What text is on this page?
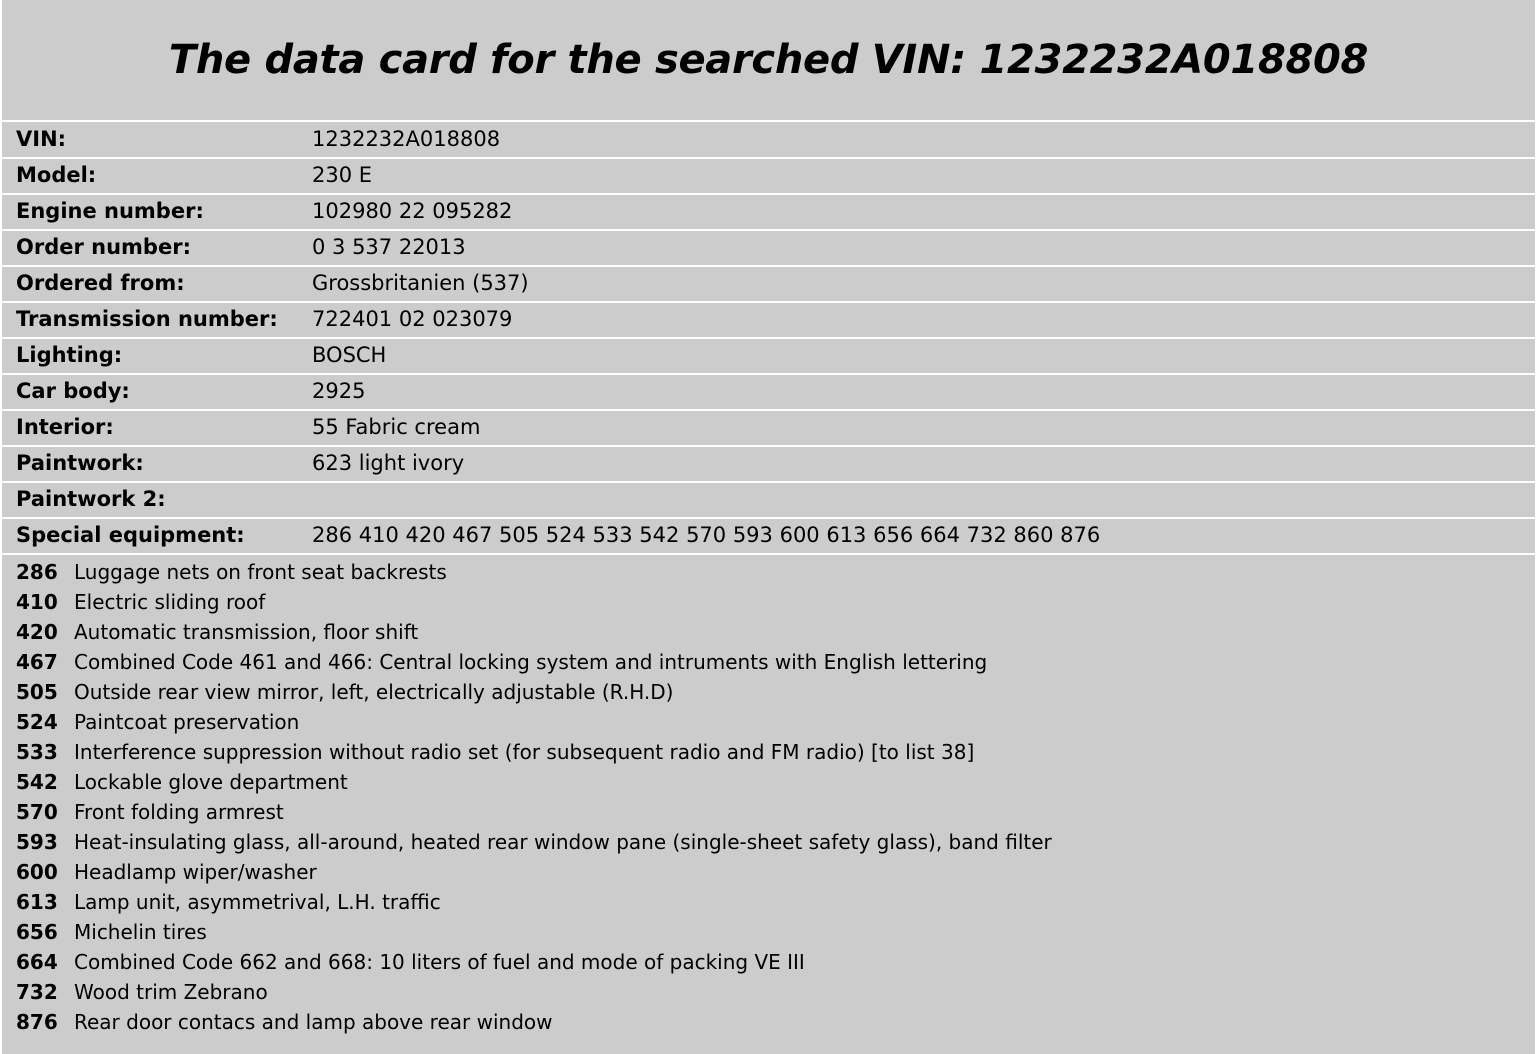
The data card for the searched VIN: 1232232A018808
VIN:	1232232A018808
Model:	230 E
Engine number:	102980 22 095282
Order number:	0 3 537 22013
Ordered from:	Grossbritanien (537)
Transmission number:	722401 02 023079
Lighting:	BOSCH
Car body:	2925
Interior:	55 Fabric cream
Paintwork:	623 light ivory
Paintwork 2:	
Special equipment:	286 410 420 467 505 524 533 542 570 593 600 613 656 664 732 860 876
286 Luggage nets on front seat backrests
410 Electric sliding roof
420 Automatic transmission, floor shift
467 Combined Code 461 and 466: Central locking system and intruments with English lettering
505 Outside rear view mirror, left, electrically adjustable (R.H.D)
524 Paintcoat preservation
533 Interference suppression without radio set (for subsequent radio and FM radio) [to list 38]
542 Lockable glove department
570 Front folding armrest
593 Heat-insulating glass, all-around, heated rear window pane (single-sheet safety glass), band filter
600 Headlamp wiper/washer
613 Lamp unit, asymmetrival, L.H. traffic
656 Michelin tires
664 Combined Code 662 and 668: 10 liters of fuel and mode of packing VE III
732 Wood trim Zebrano
876 Rear door contacs and lamp above rear window
